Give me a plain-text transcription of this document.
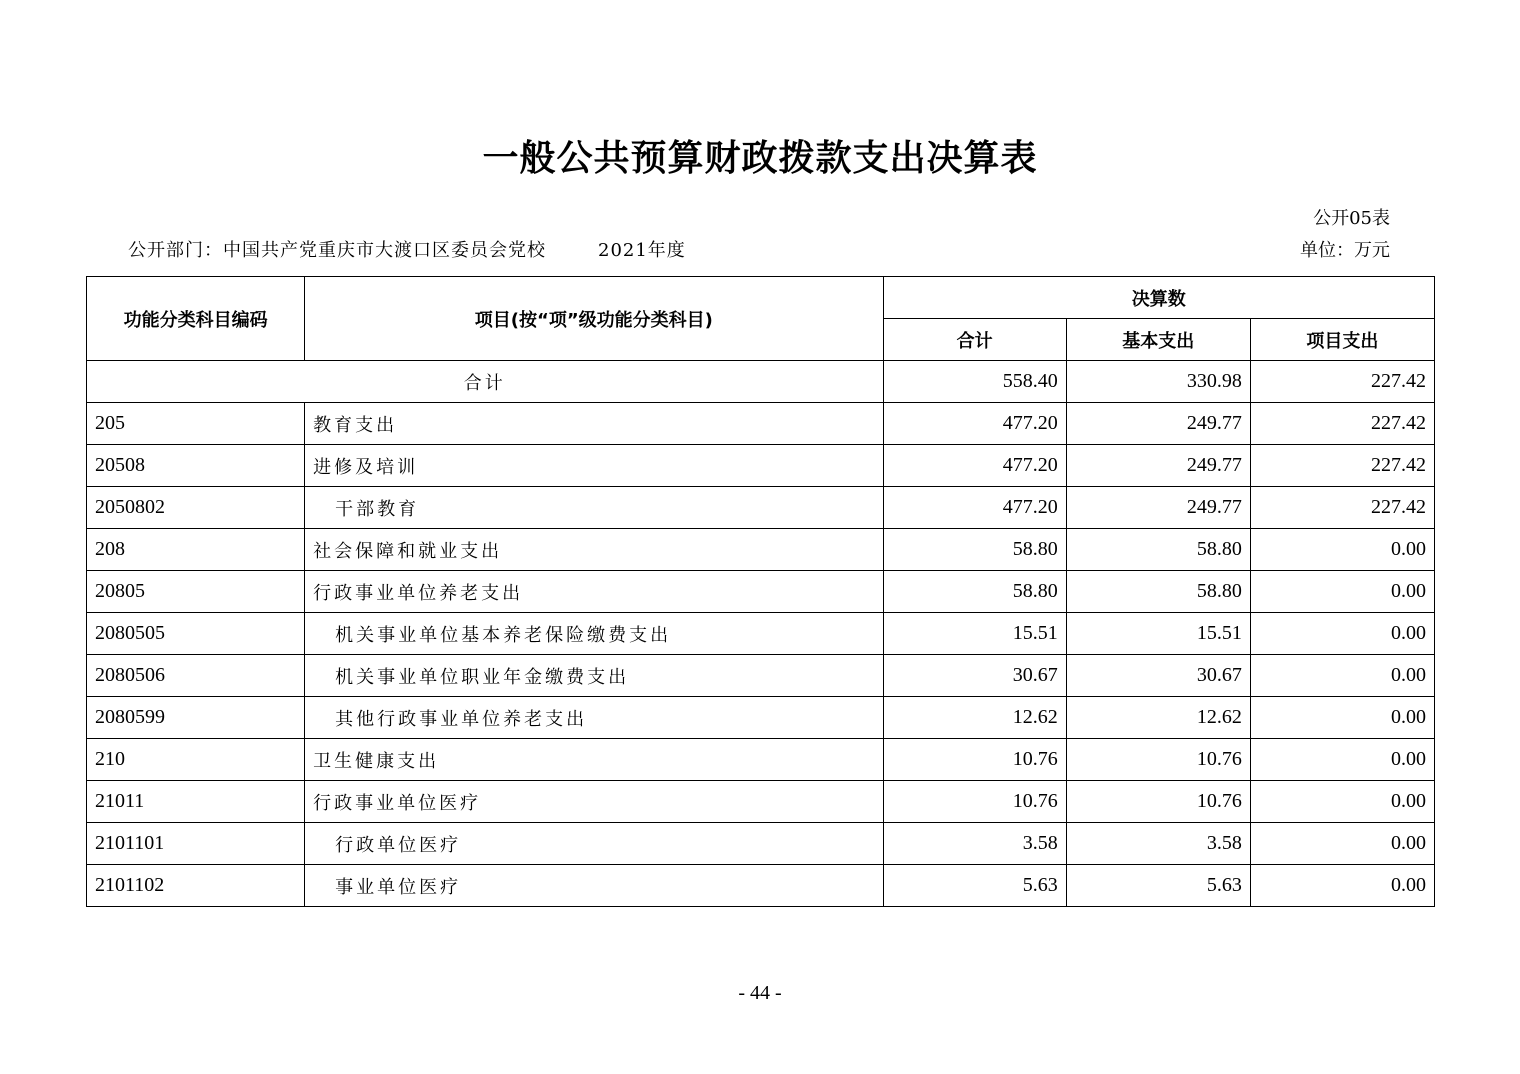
一般公共预算财政拨款支出决算表
公开05表
公开部门：中国共产党重庆市大渡口区委员会党校	2021年度	单位：万元
功能分类科目编码	项目(按“项”级功能分类科目)	决算数		
		合计	基本支出	项目支出
合计		558.40	330.98	227.42
205	教育支出	477.20	249.77	227.42
20508	进修及培训	477.20	249.77	227.42
2050802	干部教育	477.20	249.77	227.42
208	社会保障和就业支出	58.80	58.80	0.00
20805	行政事业单位养老支出	58.80	58.80	0.00
2080505	机关事业单位基本养老保险缴费支出	15.51	15.51	0.00
2080506	机关事业单位职业年金缴费支出	30.67	30.67	0.00
2080599	其他行政事业单位养老支出	12.62	12.62	0.00
210	卫生健康支出	10.76	10.76	0.00
21011	行政事业单位医疗	10.76	10.76	0.00
2101101	行政单位医疗	3.58	3.58	0.00
2101102	事业单位医疗	5.63	5.63	0.00
- 44 -
